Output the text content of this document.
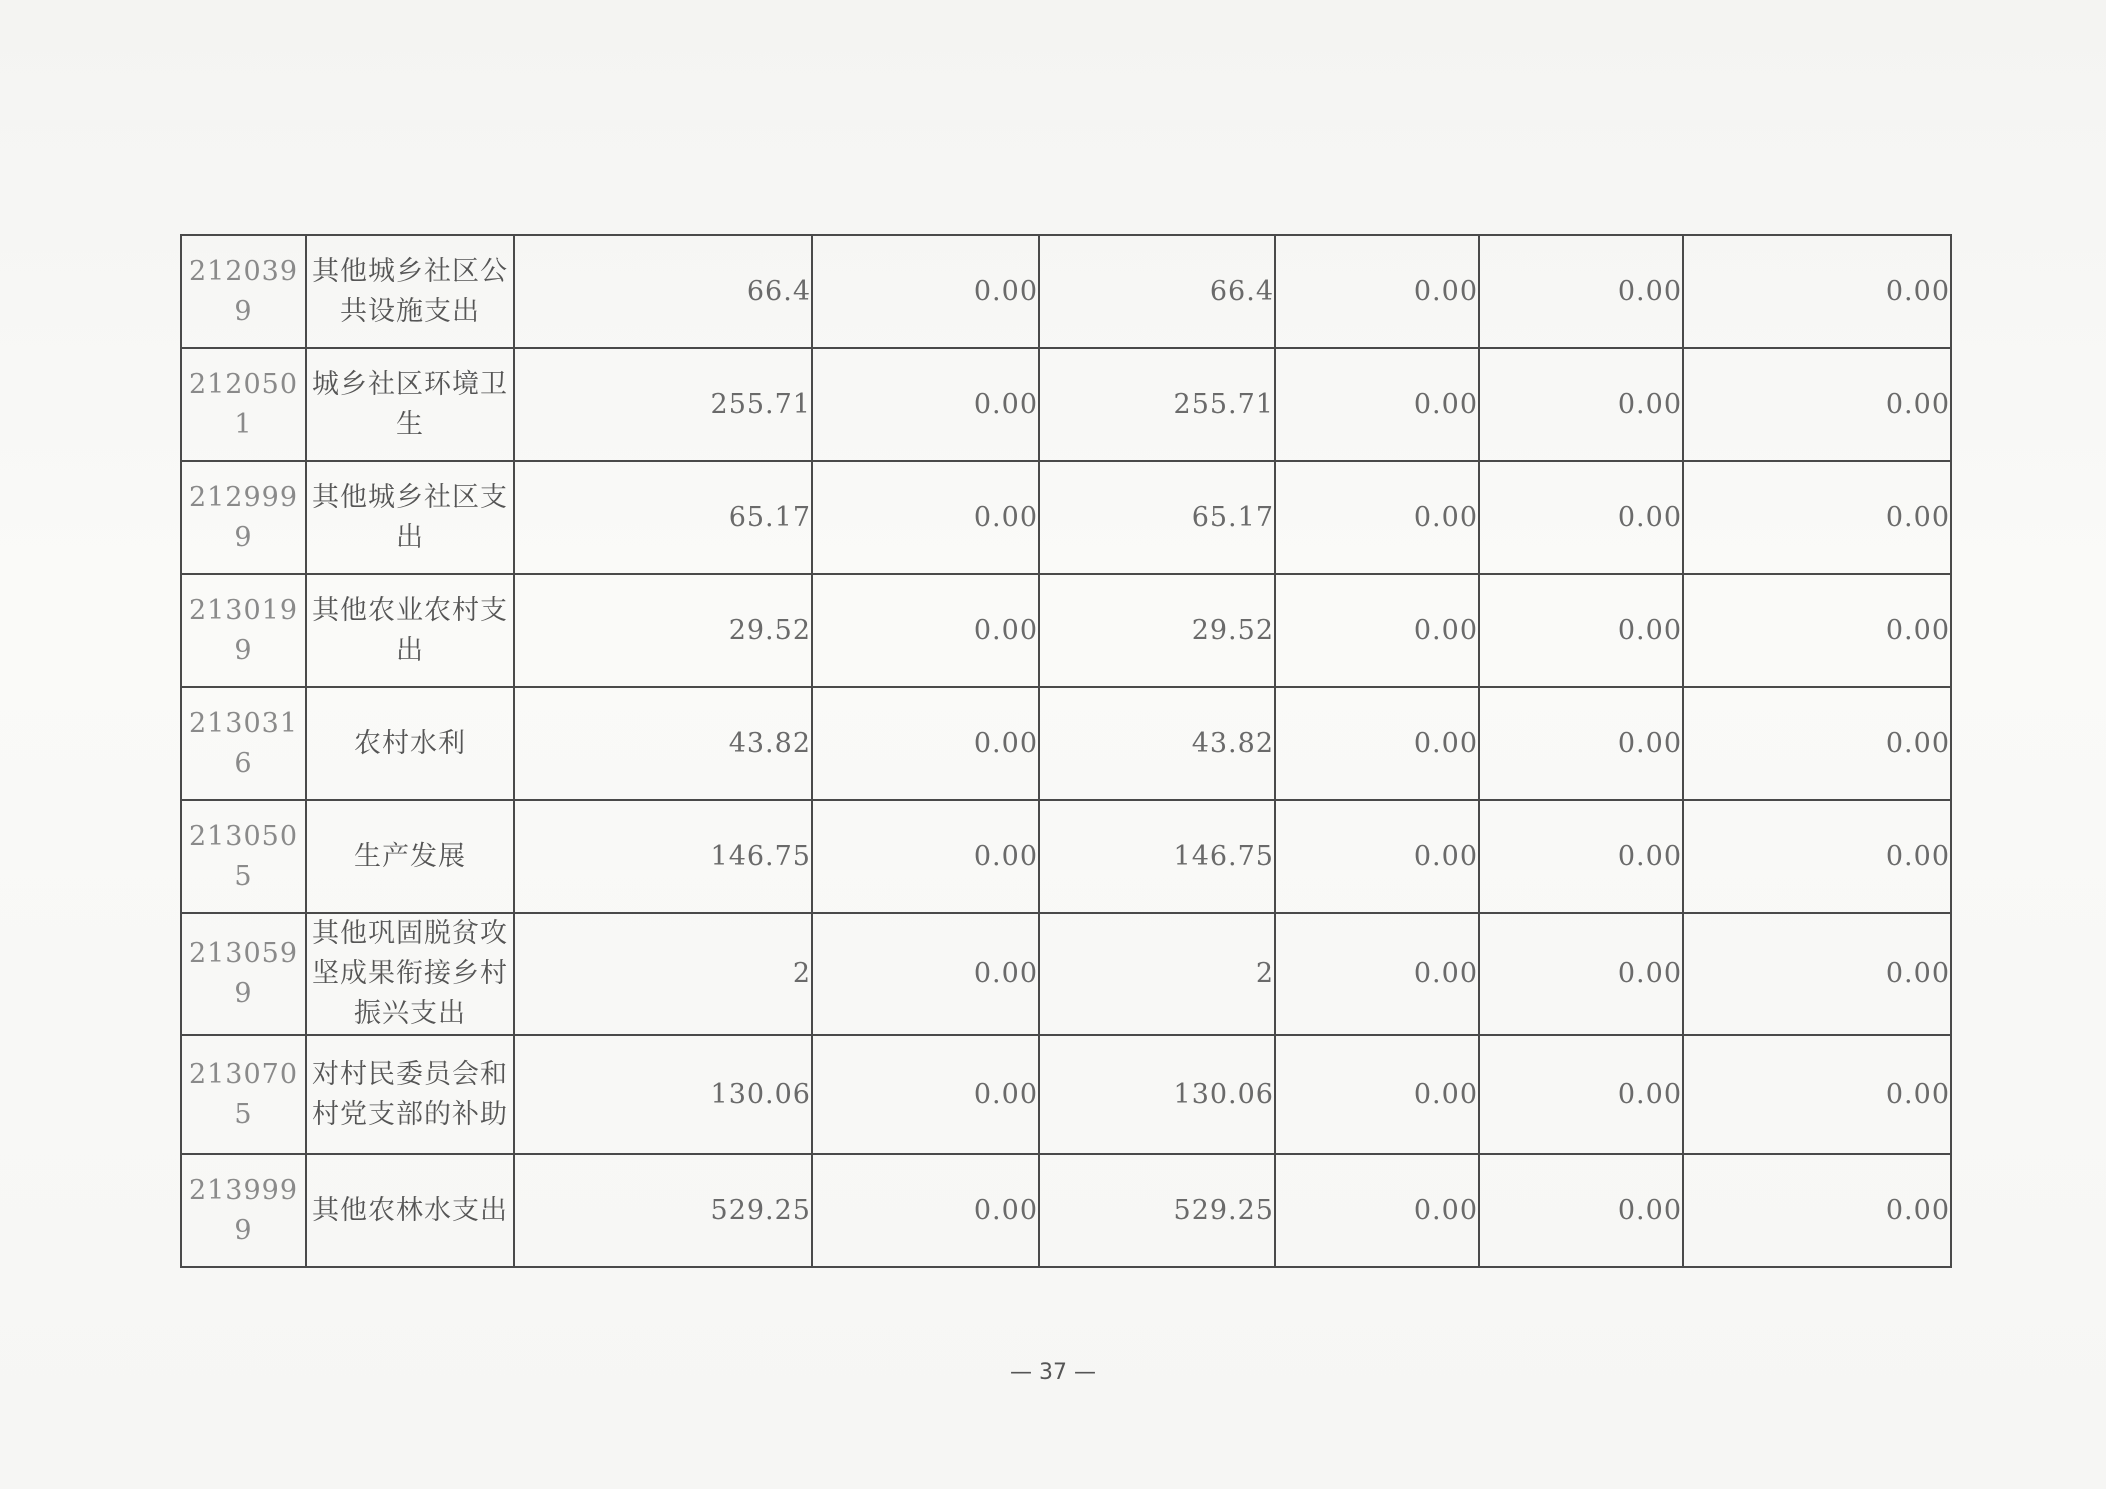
2120399	其他城乡社区公共设施支出	66.4	0.00	66.4	0.00	0.00	0.00
2120501	城乡社区环境卫生	255.71	0.00	255.71	0.00	0.00	0.00
2129999	其他城乡社区支出	65.17	0.00	65.17	0.00	0.00	0.00
2130199	其他农业农村支出	29.52	0.00	29.52	0.00	0.00	0.00
2130316	农村水利	43.82	0.00	43.82	0.00	0.00	0.00
2130505	生产发展	146.75	0.00	146.75	0.00	0.00	0.00
2130599	其他巩固脱贫攻坚成果衔接乡村振兴支出	2	0.00	2	0.00	0.00	0.00
2130705	对村民委员会和村党支部的补助	130.06	0.00	130.06	0.00	0.00	0.00
2139999	其他农林水支出	529.25	0.00	529.25	0.00	0.00	0.00
— 37 —
